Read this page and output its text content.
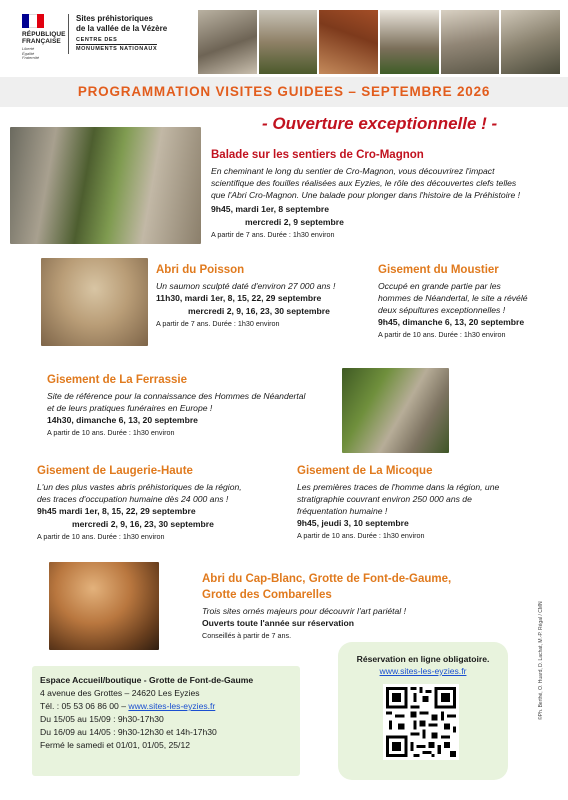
RÉPUBLIQUE
FRANÇAISE
Liberté
Égalité
Fraternité
Sites préhistoriques
de la vallée de la Vézère
CENTRE DES
MONUMENTS NATIONAUX
PROGRAMMATION VISITES GUIDEES – SEPTEMBRE 2026
- Ouverture exceptionnelle ! -
Balade sur les sentiers de Cro-Magnon
En cheminant le long du sentier de Cro-Magnon, vous découvrirez l'impact
scientifique des fouilles réalisées aux Eyzies, le rôle des découvertes clefs telles
que l'Abri Cro-Magnon. Une balade pour plonger dans l'histoire de la Préhistoire !
9h45, mardi 1er, 8 septembre
mercredi 2, 9 septembre
A partir de 7 ans. Durée : 1h30 environ
Abri du Poisson
Un saumon sculpté daté d'environ 27 000 ans !
11h30, mardi 1er, 8, 15, 22, 29 septembre
mercredi 2, 9, 16, 23, 30 septembre
A partir de 7 ans. Durée : 1h30 environ
Gisement du Moustier
Occupé en grande partie par les
hommes de Néandertal, le site a révélé
deux sépultures exceptionnelles !
9h45, dimanche 6, 13, 20 septembre
A partir de 10 ans. Durée : 1h30 environ
Gisement de La Ferrassie
Site de référence pour la connaissance des Hommes de Néandertal
et de leurs pratiques funéraires en Europe !
14h30, dimanche 6, 13, 20 septembre
A partir de 10 ans. Durée : 1h30 environ
Gisement de Laugerie-Haute
L'un des plus vastes abris préhistoriques de la région,
des traces d'occupation humaine dès 24 000 ans !
9h45 mardi 1er, 8, 15, 22, 29 septembre
mercredi 2, 9, 16, 23, 30 septembre
A partir de 10 ans. Durée : 1h30 environ
Gisement de La Micoque
Les premières traces de l'homme dans la région, une
stratigraphie couvrant environ 250 000 ans de
fréquentation humaine !
9h45, jeudi 3, 10 septembre
A partir de 10 ans. Durée : 1h30 environ
Abri du Cap-Blanc, Grotte de Font-de-Gaume,
Grotte des Combarelles
Trois sites ornés majeurs pour découvrir l'art pariétal !
Ouverts toute l'année sur réservation
Conseillés à partir de 7 ans.
Espace Accueil/boutique - Grotte de Font-de-Gaume
4 avenue des Grottes – 24620 Les Eyzies
Tél. : 05 53 06 86 00 – www.sites-les-eyzies.fr
Du 15/05 au 15/09 : 9h30-17h30
Du 16/09 au 14/05 : 9h30-12h30 et 14h-17h30
Fermé le samedi et 01/01, 01/05, 25/12
Réservation en ligne obligatoire.
www.sites-les-eyzies.fr	©Ph. Berthé, O. Huard, D. Lachat, M.-P. Régal / CMN
